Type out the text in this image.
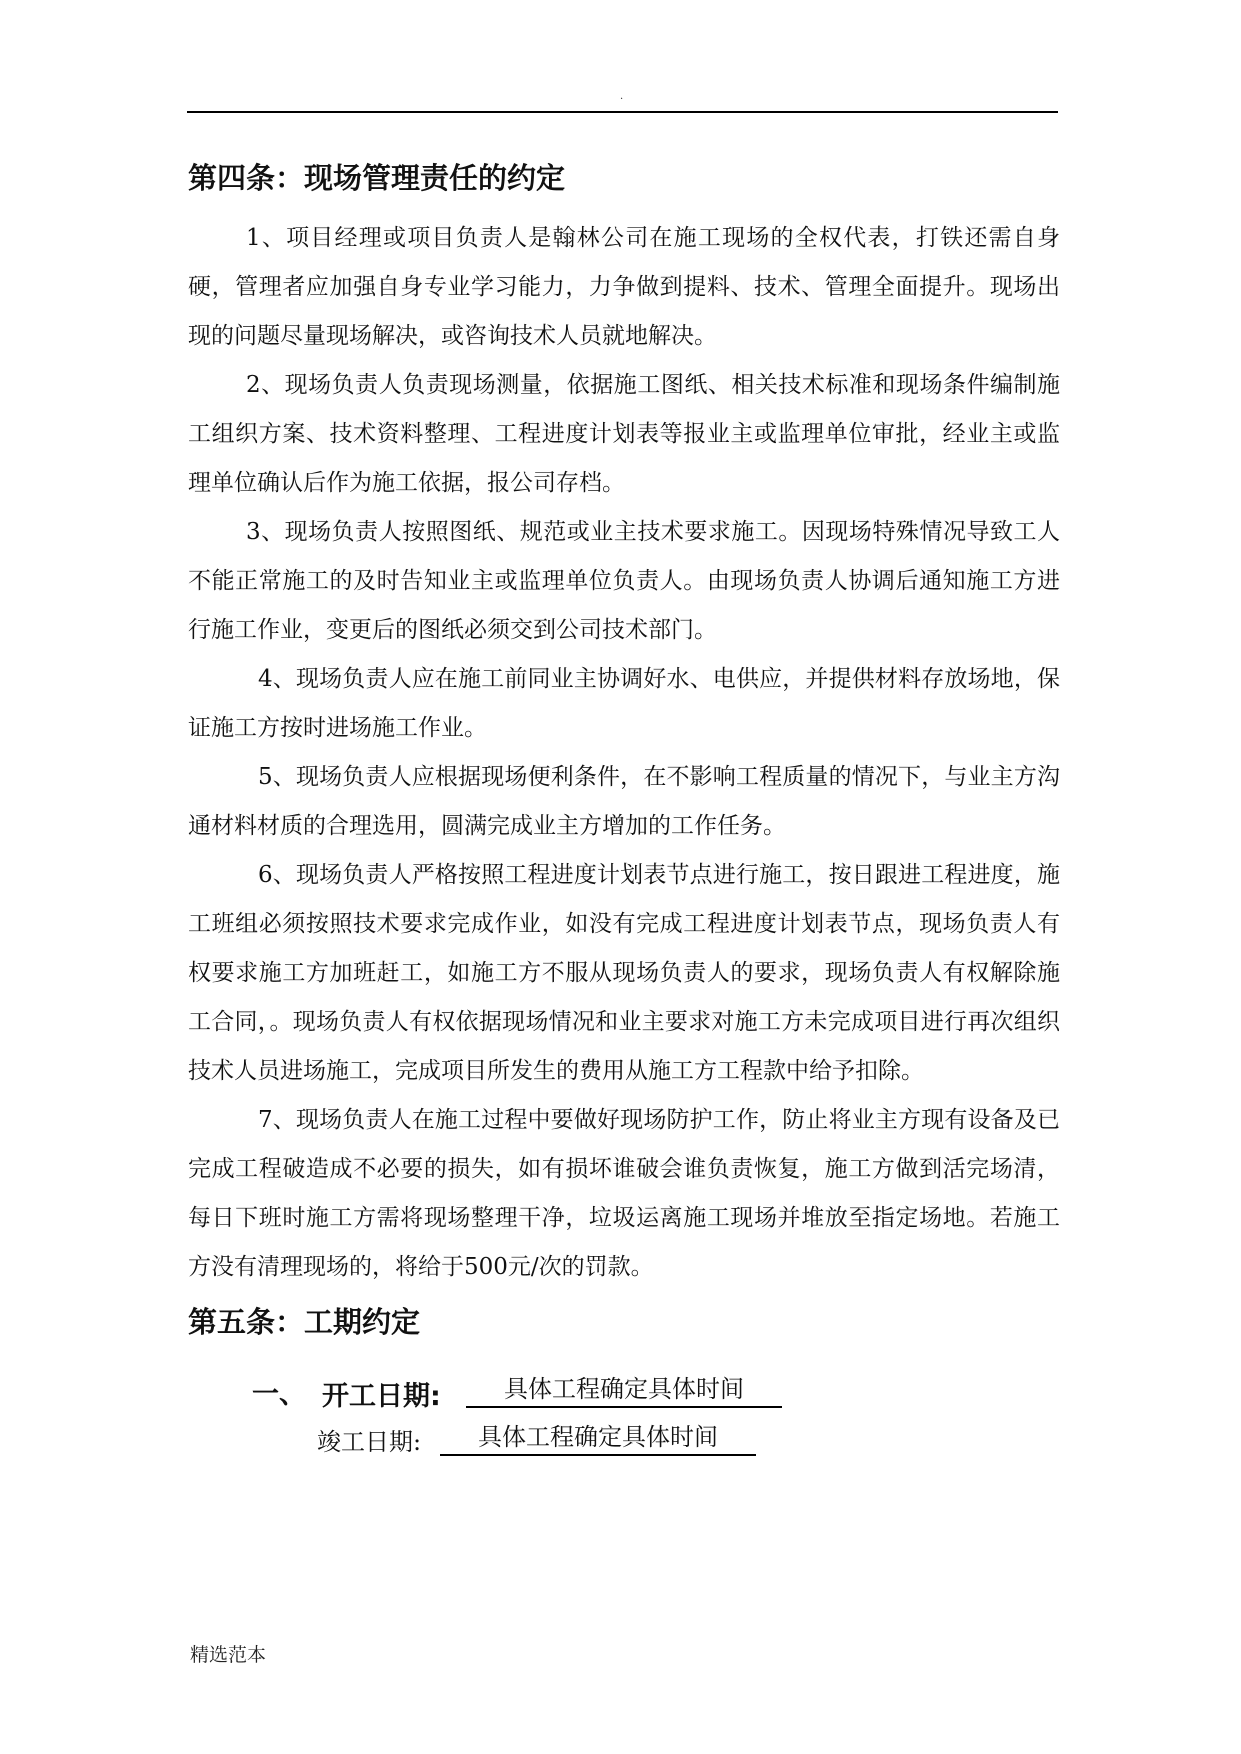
.
第四条：现场管理责任的约定

1、项目经理或项目负责人是翰林公司在施工现场的全权代表，打铁还需自身硬，管理者应加强自身专业学习能力，力争做到提料、技术、管理全面提升。现场出现的问题尽量现场解决，或咨询技术人员就地解决。

2、现场负责人负责现场测量，依据施工图纸、相关技术标准和现场条件编制施工组织方案、技术资料整理、工程进度计划表等报业主或监理单位审批，经业主或监理单位确认后作为施工依据，报公司存档。

3、现场负责人按照图纸、规范或业主技术要求施工。因现场特殊情况导致工人不能正常施工的及时告知业主或监理单位负责人。由现场负责人协调后通知施工方进行施工作业，变更后的图纸必须交到公司技术部门。

4、现场负责人应在施工前同业主协调好水、电供应，并提供材料存放场地，保证施工方按时进场施工作业。

5、现场负责人应根据现场便利条件，在不影响工程质量的情况下，与业主方沟通材料材质的合理选用，圆满完成业主方增加的工作任务。

6、现场负责人严格按照工程进度计划表节点进行施工，按日跟进工程进度，施工班组必须按照技术要求完成作业，如没有完成工程进度计划表节点，现场负责人有权要求施工方加班赶工，如施工方不服从现场负责人的要求，现场负责人有权解除施工合同，。现场负责人有权依据现场情况和业主要求对施工方未完成项目进行再次组织技术人员进场施工，完成项目所发生的费用从施工方工程款中给予扣除。

7、现场负责人在施工过程中要做好现场防护工作，防止将业主方现有设备及已完成工程破造成不必要的损失，如有损坏谁破会谁负责恢复，施工方做到活完场清，每日下班时施工方需将现场整理干净，垃圾运离施工现场并堆放至指定场地。若施工方没有清理现场的，将给于500元/次的罚款。

第五条：工期约定
一、 开工日期:	具体工程确定具体时间
竣工日期:	具体工程确定具体时间
精选范本
